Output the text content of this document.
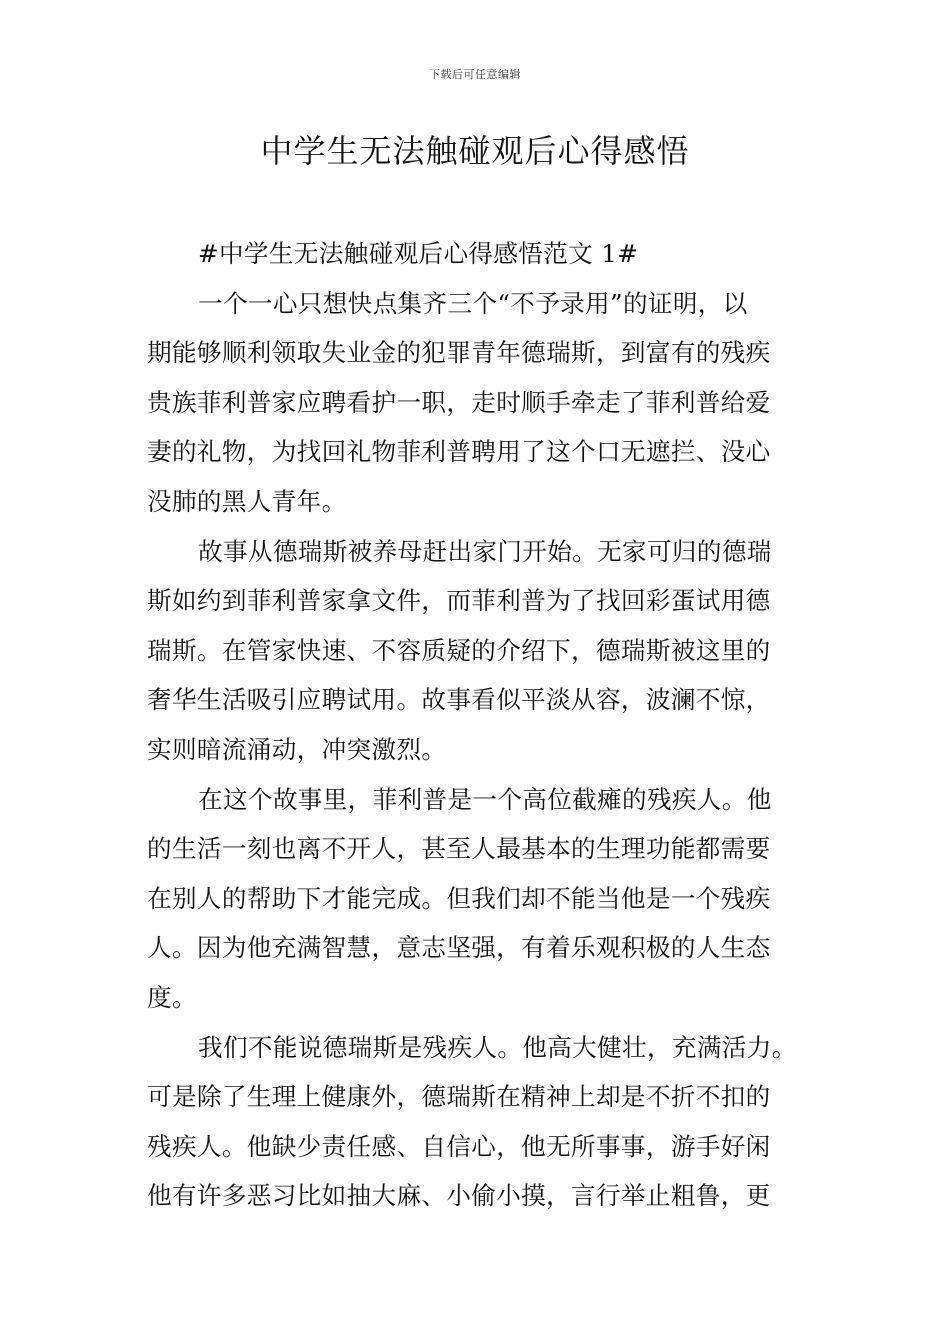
下载后可任意编辑
中学生无法触碰观后心得感悟
#中学生无法触碰观后心得感悟范文 1#
一个一心只想快点集齐三个“不予录用”的证明，以
期能够顺利领取失业金的犯罪青年德瑞斯，到富有的残疾
贵族菲利普家应聘看护一职，走时顺手牵走了菲利普给爱
妻的礼物，为找回礼物菲利普聘用了这个口无遮拦、没心
没肺的黑人青年。
故事从德瑞斯被养母赶出家门开始。无家可归的德瑞
斯如约到菲利普家拿文件，而菲利普为了找回彩蛋试用德
瑞斯。在管家快速、不容质疑的介绍下，德瑞斯被这里的
奢华生活吸引应聘试用。故事看似平淡从容，波澜不惊，
实则暗流涌动，冲突激烈。
在这个故事里，菲利普是一个高位截瘫的残疾人。他
的生活一刻也离不开人，甚至人最基本的生理功能都需要
在别人的帮助下才能完成。但我们却不能当他是一个残疾
人。因为他充满智慧，意志坚强，有着乐观积极的人生态
度。
我们不能说德瑞斯是残疾人。他高大健壮，充满活力。
可是除了生理上健康外，德瑞斯在精神上却是不折不扣的
残疾人。他缺少责任感、自信心，他无所事事，游手好闲
他有许多恶习比如抽大麻、小偷小摸，言行举止粗鲁，更
